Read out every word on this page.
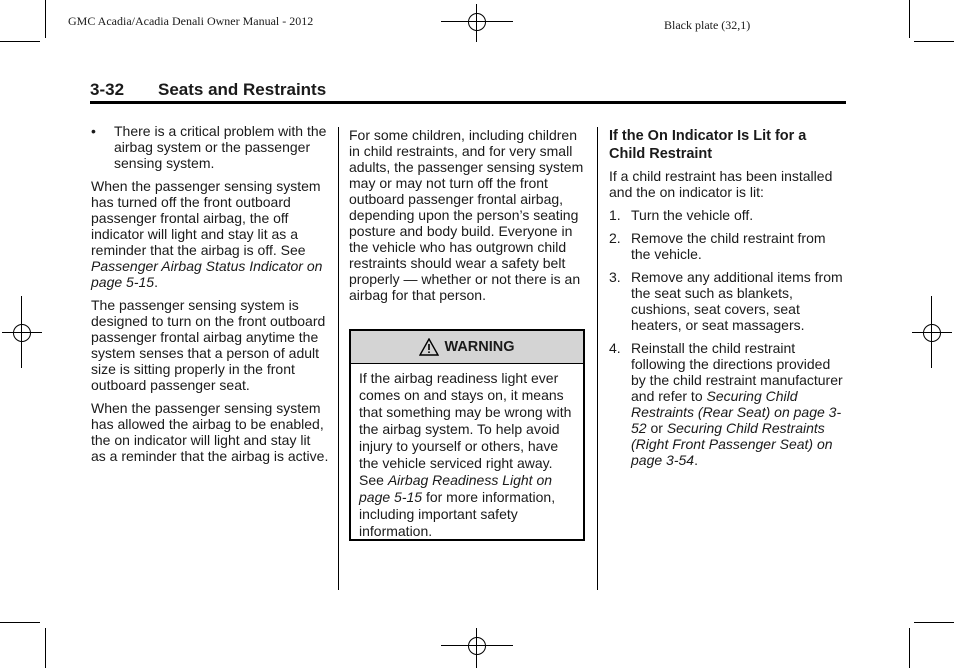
GMC Acadia/Acadia Denali Owner Manual - 2012	Black plate (32,1)
3-32 Seats and Restraints
• There is a critical problem with the airbag system or the passenger sensing system.

When the passenger sensing system has turned off the front outboard passenger frontal airbag, the off indicator will light and stay lit as a reminder that the airbag is off. See Passenger Airbag Status Indicator on page 5-15.

The passenger sensing system is designed to turn on the front outboard passenger frontal airbag anytime the system senses that a person of adult size is sitting properly in the front outboard passenger seat.

When the passenger sensing system has allowed the airbag to be enabled, the on indicator will light and stay lit as a reminder that the airbag is active.

For some children, including children in child restraints, and for very small adults, the passenger sensing system may or may not turn off the front outboard passenger frontal airbag, depending upon the person’s seating posture and body build. Everyone in the vehicle who has outgrown child restraints should wear a safety belt properly — whether or not there is an airbag for that person.

WARNING
If the airbag readiness light ever comes on and stays on, it means that something may be wrong with the airbag system. To help avoid injury to yourself or others, have the vehicle serviced right away. See Airbag Readiness Light on page 5-15 for more information, including important safety information.
If the On Indicator Is Lit for a Child Restraint

If a child restraint has been installed and the on indicator is lit:

1. Turn the vehicle off.
2. Remove the child restraint from the vehicle.
3. Remove any additional items from the seat such as blankets, cushions, seat covers, seat heaters, or seat massagers.
4. Reinstall the child restraint following the directions provided by the child restraint manufacturer and refer to Securing Child Restraints (Rear Seat) on page 3-52 or Securing Child Restraints (Right Front Passenger Seat) on page 3-54.
